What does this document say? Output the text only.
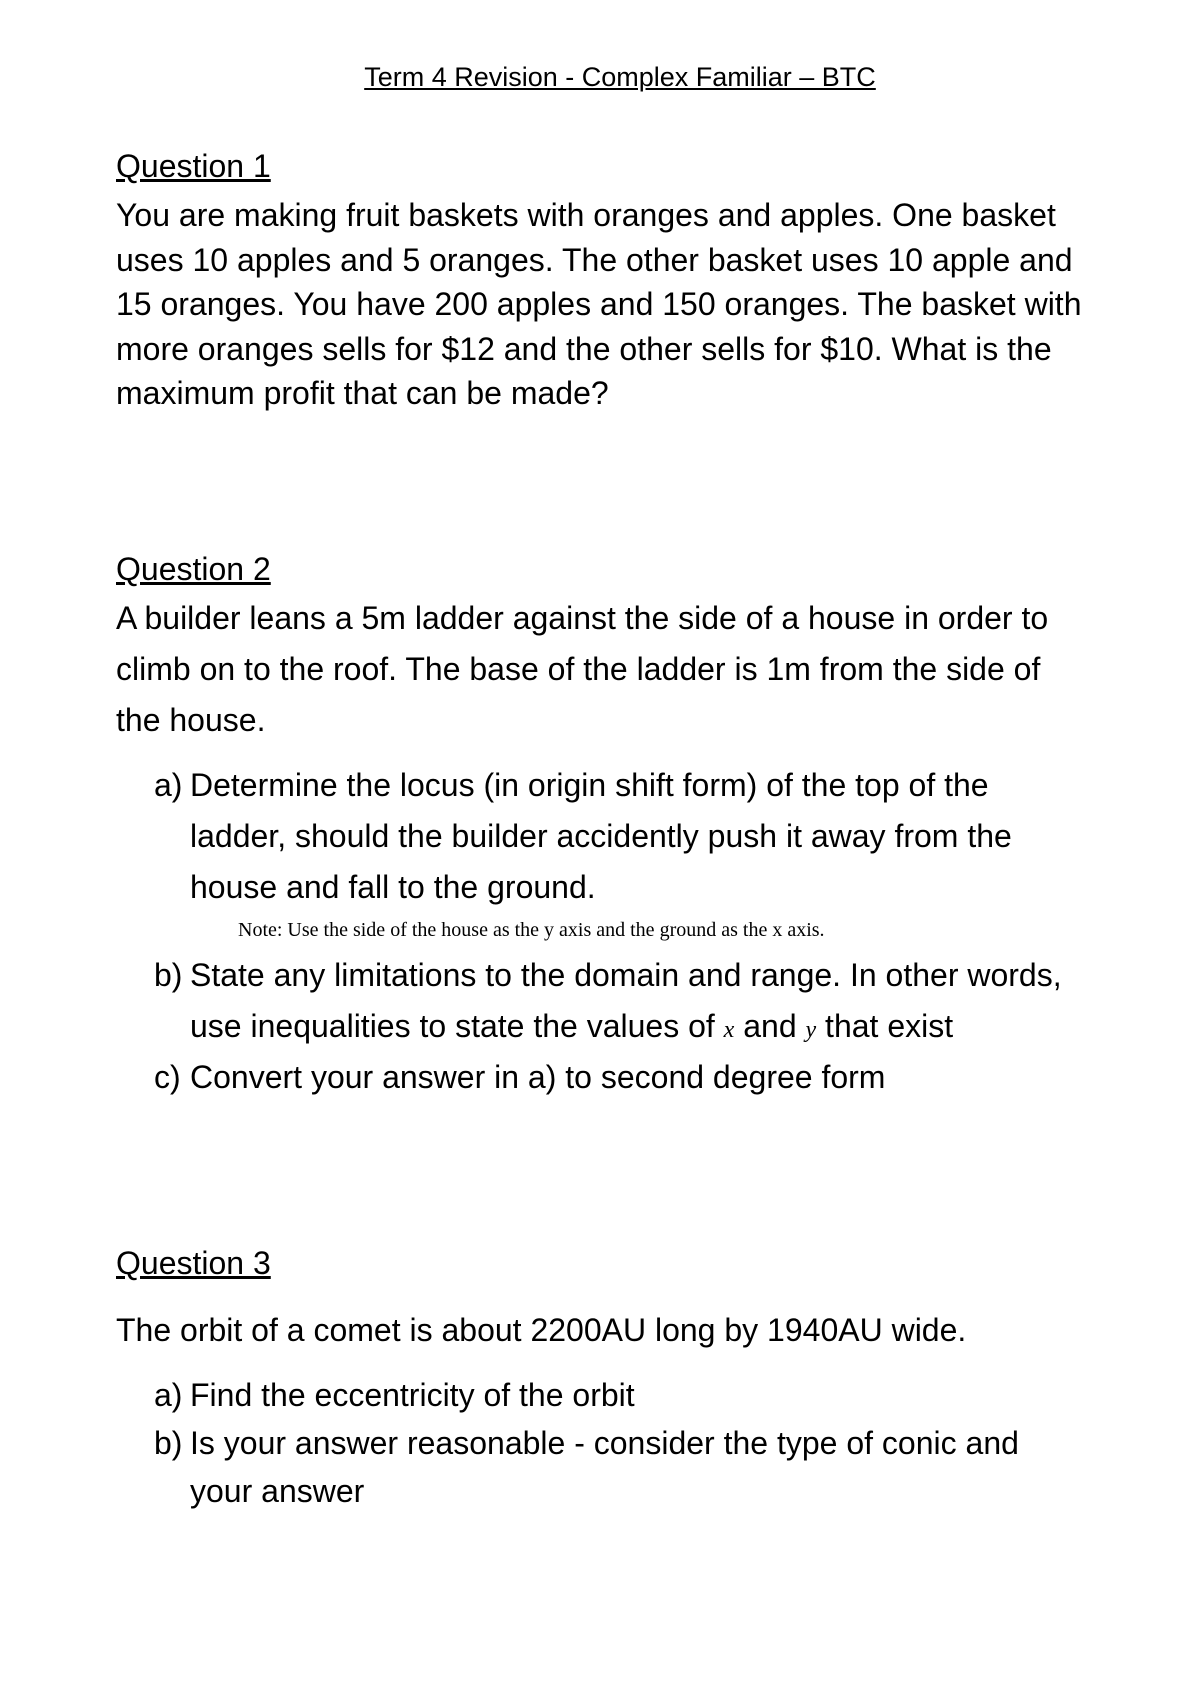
Term 4 Revision - Complex Familiar – BTC
Question 1
You are making fruit baskets with oranges and apples. One basket
uses 10 apples and 5 oranges. The other basket uses 10 apple and
15 oranges. You have 200 apples and 150 oranges. The basket with
more oranges sells for $12 and the other sells for $10. What is the
maximum profit that can be made?
Question 2
A builder leans a 5m ladder against the side of a house in order to
climb on to the roof. The base of the ladder is 1m from the side of
the house.
a) Determine the locus (in origin shift form) of the top of the
ladder, should the builder accidently push it away from the
house and fall to the ground.
Note: Use the side of the house as the y axis and the ground as the x axis.
b) State any limitations to the domain and range. In other words,
use inequalities to state the values of x and y that exist
c) Convert your answer in a) to second degree form
Question 3
The orbit of a comet is about 2200AU long by 1940AU wide.
a) Find the eccentricity of the orbit
b) Is your answer reasonable - consider the type of conic and
your answer
